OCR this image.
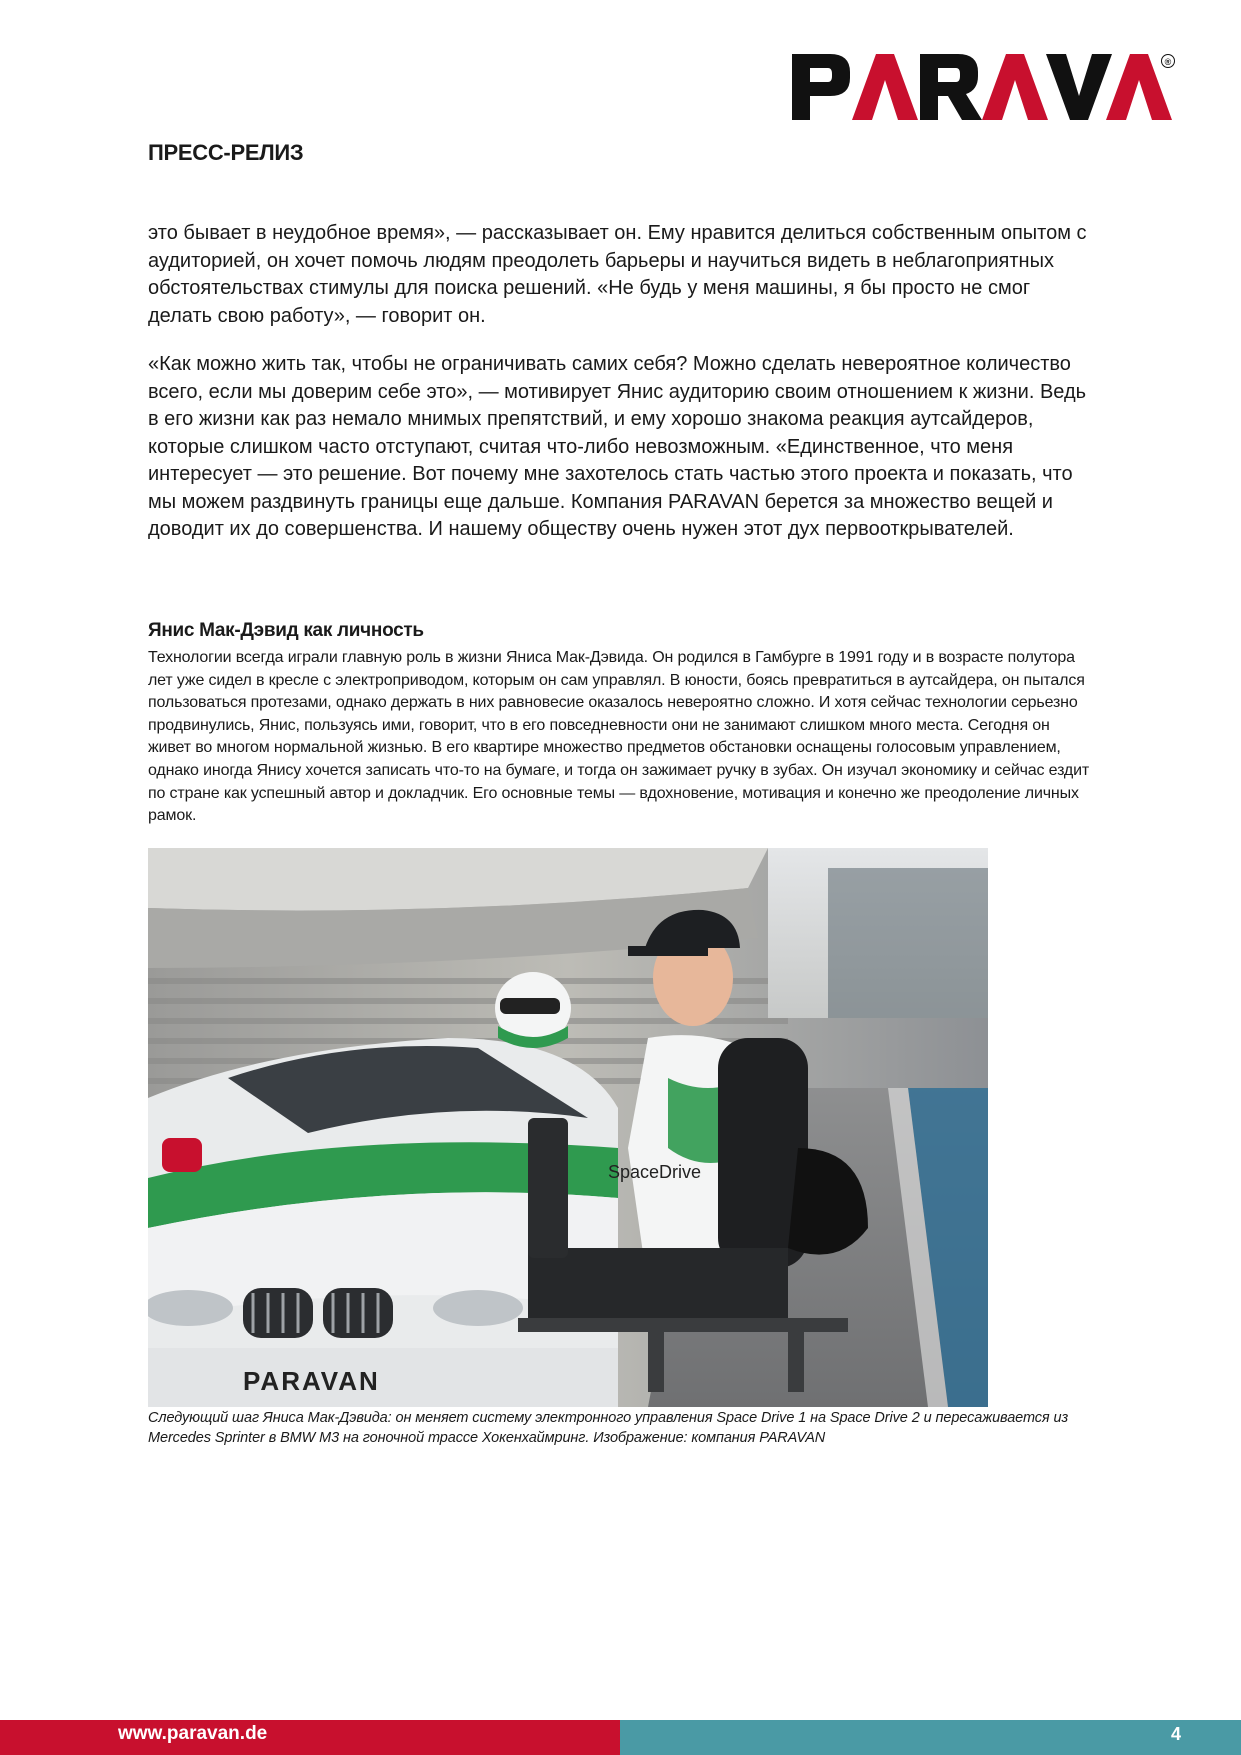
®
ПРЕСС-РЕЛИЗ

это бывает в неудобное время», — рассказывает он. Ему нравится делиться собственным опытом с аудиторией, он хочет помочь людям преодолеть барьеры и научиться видеть в неблагоприятных обстоятельствах стимулы для поиска решений. «Не будь у меня машины, я бы просто не смог делать свою работу», — говорит он.

«Как можно жить так, чтобы не ограничивать самих себя? Можно сделать невероятное количество всего, если мы доверим себе это», — мотивирует Янис аудиторию своим отношением к жизни. Ведь в его жизни как раз немало мнимых препятствий, и ему хорошо знакома реакция аутсайдеров, которые слишком часто отступают, считая что-либо невозможным. «Единственное, что меня интересует — это решение. Вот почему мне захотелось стать частью этого проекта и показать, что мы можем раздвинуть границы еще дальше. Компания PARAVAN берется за множество вещей и доводит их до совершенства. И нашему обществу очень нужен этот дух первооткрывателей.

Янис Мак-Дэвид как личность

Технологии всегда играли главную роль в жизни Яниса Мак-Дэвида. Он родился в Гамбурге в 1991 году и в возрасте полутора лет уже сидел в кресле с электроприводом, которым он сам управлял. В юности, боясь превратиться в аутсайдера, он пытался пользоваться протезами, однако держать в них равновесие оказалось невероятно сложно. И хотя сейчас технологии серьезно продвинулись, Янис, пользуясь ими, говорит, что в его повседневности они не занимают слишком много места. Сегодня он живет во многом нормальной жизнью. В его квартире множество предметов обстановки оснащены голосовым управлением, однако иногда Янису хочется записать что-то на бумаге, и тогда он зажимает ручку в зубах. Он изучал экономику и сейчас ездит по стране как успешный автор и докладчик. Его основные темы — вдохновение, мотивация и конечно же преодоление личных рамок.

SpaceDrive
PARAVAN

Следующий шаг Яниса Мак-Дэвида: он меняет систему электронного управления Space Drive 1 на Space Drive 2 и пересаживается из Mercedes Sprinter в BMW M3 на гоночной трассе Хокенхаймринг. Изображение: компания PARAVAN

www.paravan.de	4
